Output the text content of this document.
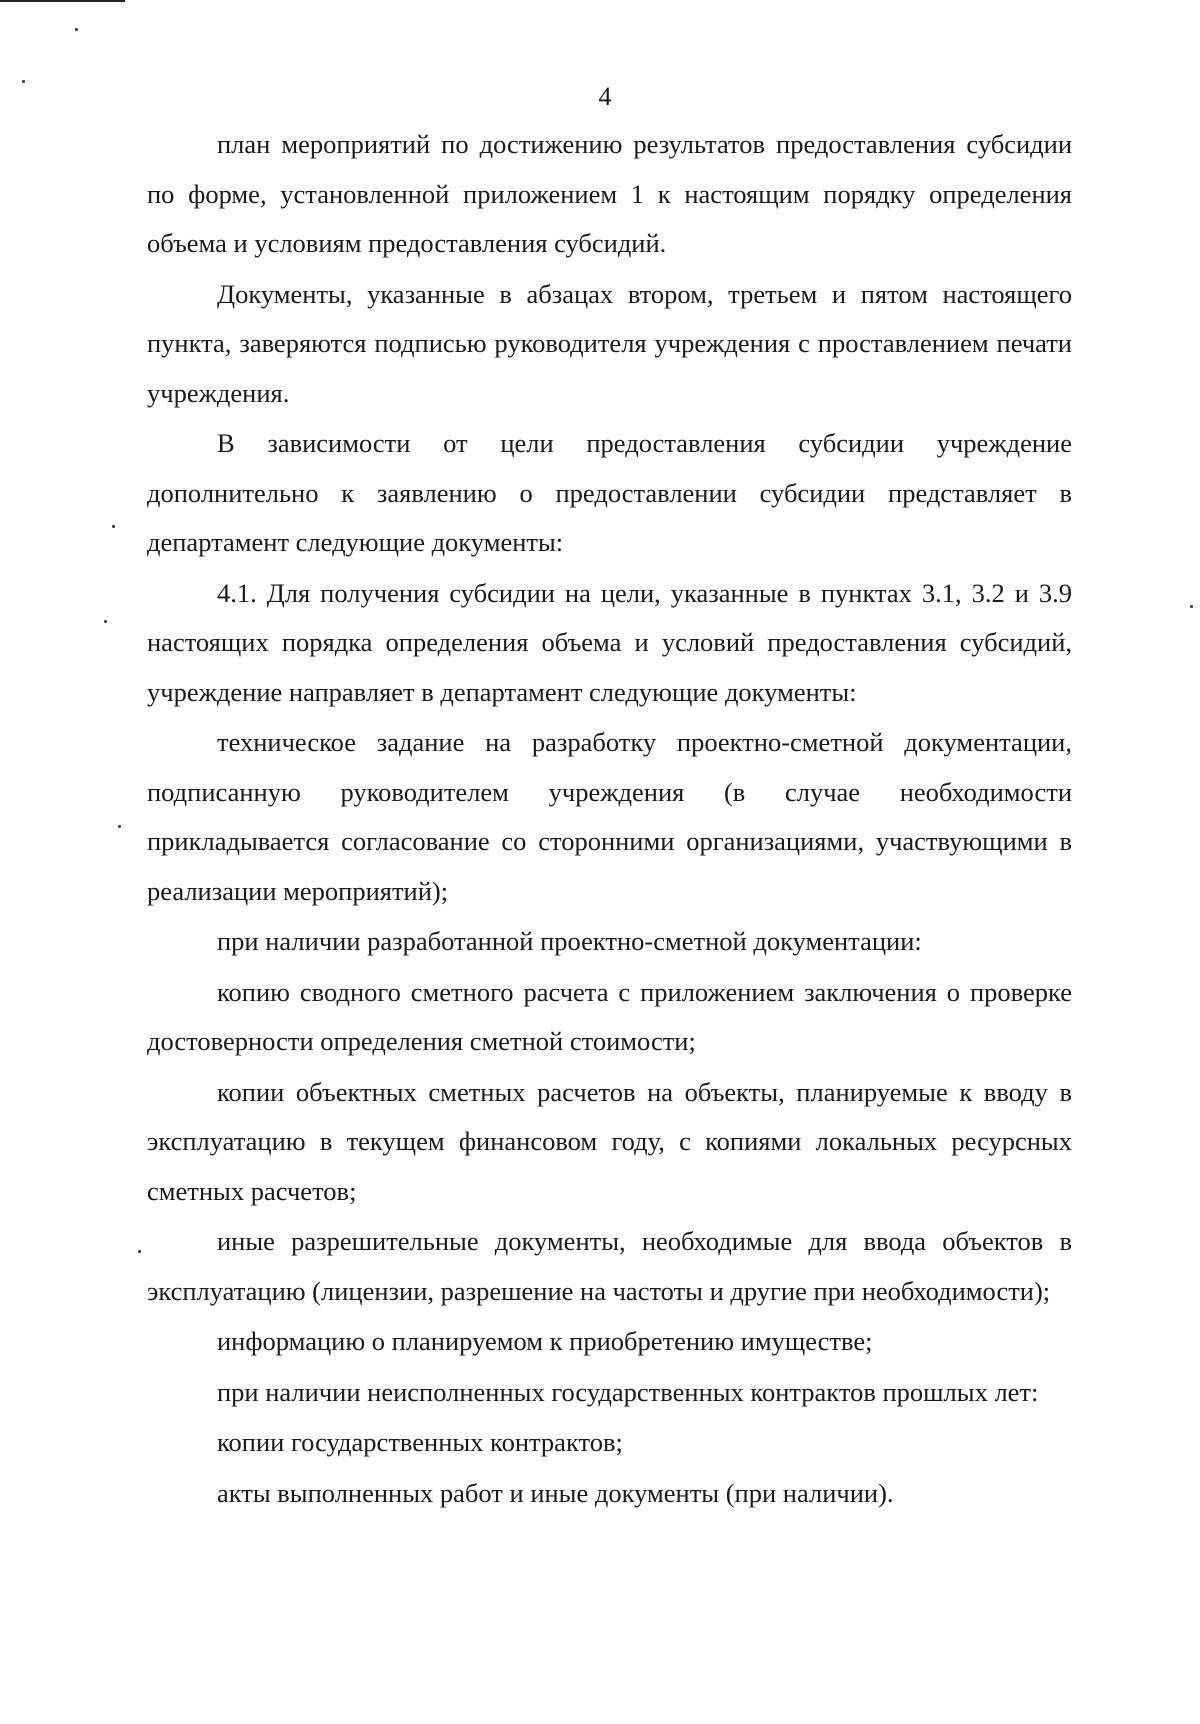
4

план мероприятий по достижению результатов предоставления субсидии по форме, установленной приложением 1 к настоящим порядку определения объема и условиям предоставления субсидий.

Документы, указанные в абзацах втором, третьем и пятом настоящего пункта, заверяются подписью руководителя учреждения с проставлением печати учреждения.

В зависимости от цели предоставления субсидии учреждение дополнительно к заявлению о предоставлении субсидии представляет в департамент следующие документы:

4.1. Для получения субсидии на цели, указанные в пунктах 3.1, 3.2 и 3.9 настоящих порядка определения объема и условий предоставления субсидий, учреждение направляет в департамент следующие документы:

техническое задание на разработку проектно-сметной документации, подписанную руководителем учреждения (в случае необходимости прикладывается согласование со сторонними организациями, участвующими в реализации мероприятий);

при наличии разработанной проектно-сметной документации:

копию сводного сметного расчета с приложением заключения о проверке достоверности определения сметной стоимости;

копии объектных сметных расчетов на объекты, планируемые к вводу в эксплуатацию в текущем финансовом году, с копиями локальных ресурсных сметных расчетов;

иные разрешительные документы, необходимые для ввода объектов в эксплуатацию (лицензии, разрешение на частоты и другие при необходимости);

информацию о планируемом к приобретению имуществе;

при наличии неисполненных государственных контрактов прошлых лет:

копии государственных контрактов;

акты выполненных работ и иные документы (при наличии).
